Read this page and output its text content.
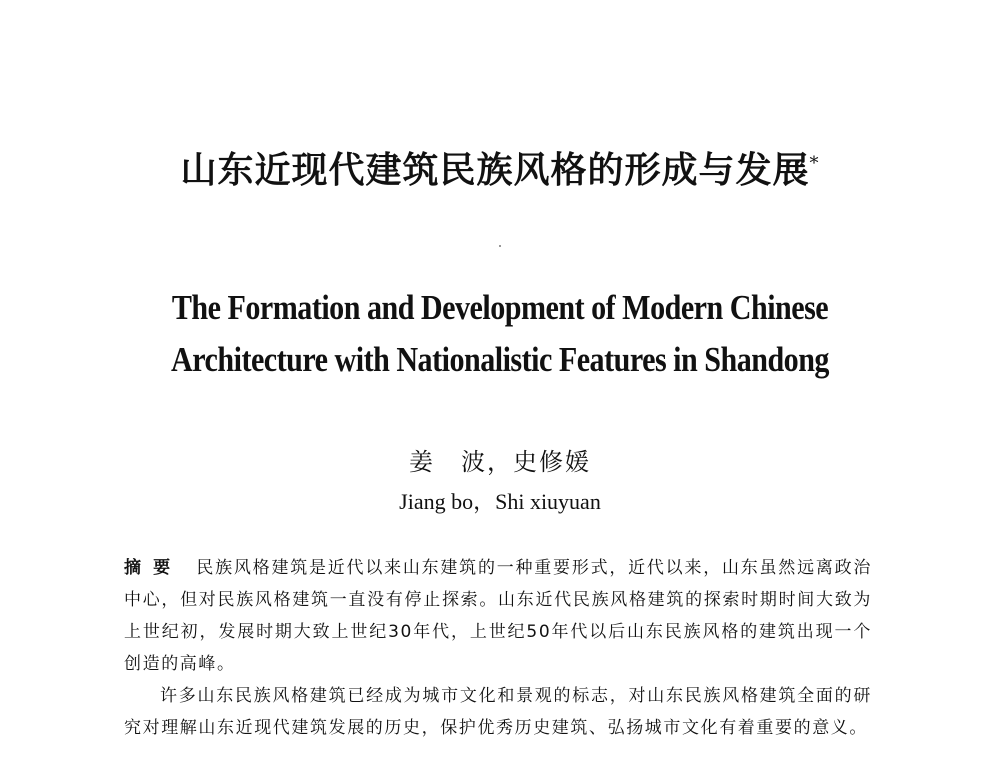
山东近现代建筑民族风格的形成与发展*
The Formation and Development of Modern Chinese
Architecture with Nationalistic Features in Shandong
姜　波，史修媛
Jiang bo，Shi xiuyuan

摘要 民族风格建筑是近代以来山东建筑的一种重要形式，近代以来，山东虽然远离政治中心，但对民族风格建筑一直没有停止探索。山东近代民族风格建筑的探索时期时间大致为上世纪初，发展时期大致上世纪30年代，上世纪50年代以后山东民族风格的建筑出现一个创造的高峰。

许多山东民族风格建筑已经成为城市文化和景观的标志，对山东民族风格建筑全面的研究对理解山东近现代建筑发展的历史，保护优秀历史建筑、弘扬城市文化有着重要的意义。
